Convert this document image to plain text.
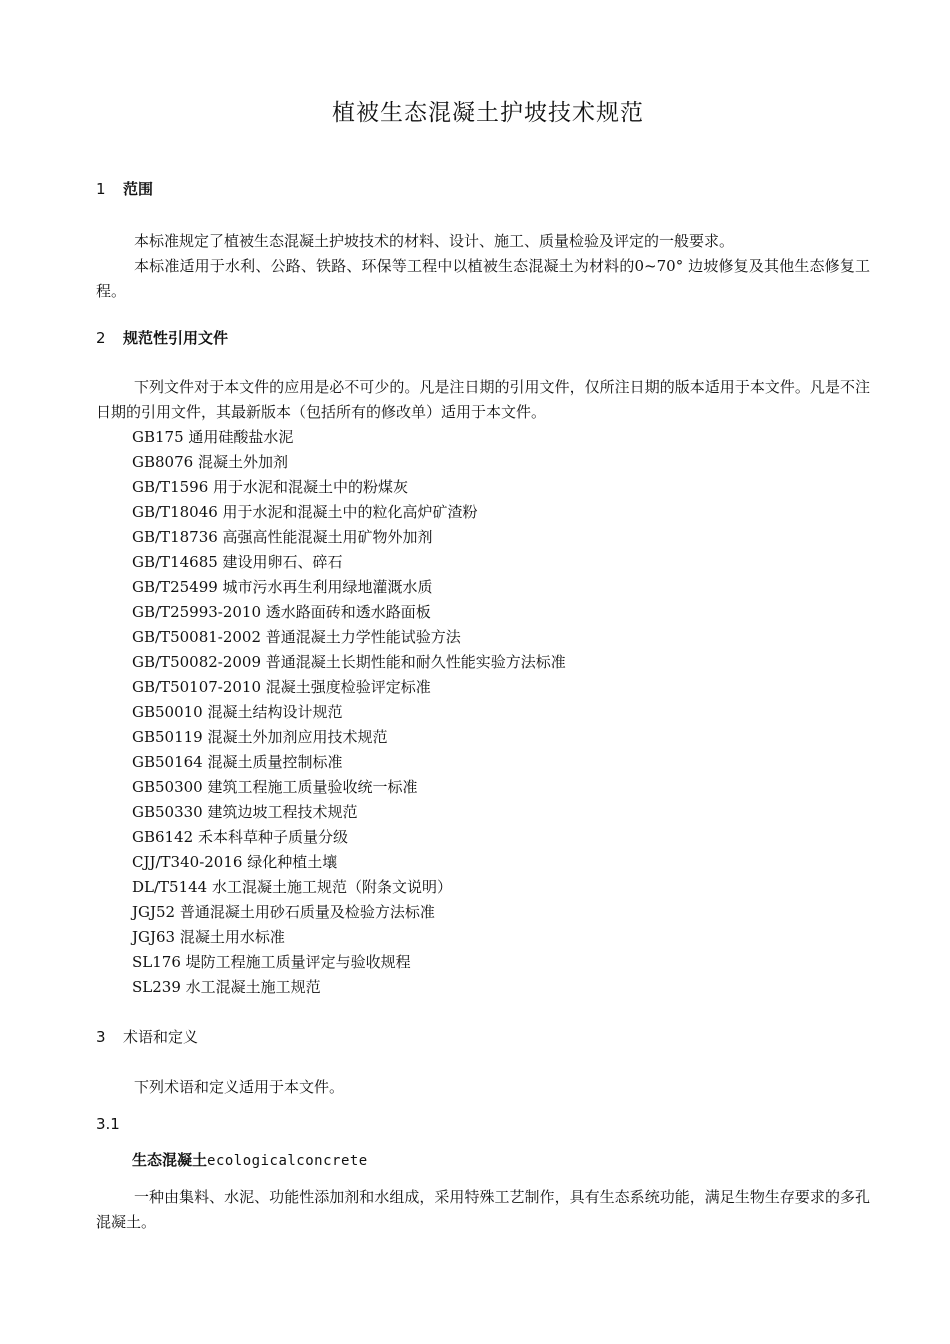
植被生态混凝土护坡技术规范
1 范围
本标准规定了植被生态混凝土护坡技术的材料、设计、施工、质量检验及评定的一般要求。
本标准适用于水利、公路、铁路、环保等工程中以植被生态混凝土为材料的0~70° 边坡修复及其他生态修复工程。
2 规范性引用文件
下列文件对于本文件的应用是必不可少的。凡是注日期的引用文件，仅所注日期的版本适用于本文件。凡是不注日期的引用文件，其最新版本（包括所有的修改单）适用于本文件。
GB175 通用硅酸盐水泥
GB8076 混凝土外加剂
GB/T1596 用于水泥和混凝土中的粉煤灰
GB/T18046 用于水泥和混凝土中的粒化高炉矿渣粉
GB/T18736 高强高性能混凝土用矿物外加剂
GB/T14685 建设用卵石、碎石
GB/T25499 城市污水再生利用绿地灌溉水质
GB/T25993-2010 透水路面砖和透水路面板
GB/T50081-2002 普通混凝土力学性能试验方法
GB/T50082-2009 普通混凝土长期性能和耐久性能实验方法标准
GB/T50107-2010 混凝土强度检验评定标准
GB50010 混凝土结构设计规范
GB50119 混凝土外加剂应用技术规范
GB50164 混凝土质量控制标准
GB50300 建筑工程施工质量验收统一标准
GB50330 建筑边坡工程技术规范
GB6142 禾本科草种子质量分级
CJJ/T340-2016 绿化种植土壤
DL/T5144 水工混凝土施工规范（附条文说明）
JGJ52 普通混凝土用砂石质量及检验方法标准
JGJ63 混凝土用水标准
SL176 堤防工程施工质量评定与验收规程
SL239 水工混凝土施工规范
3 术语和定义
下列术语和定义适用于本文件。
3.1
生态混凝土ecologicalconcrete
一种由集料、水泥、功能性添加剂和水组成，采用特殊工艺制作，具有生态系统功能，满足生物生存要求的多孔混凝土。
